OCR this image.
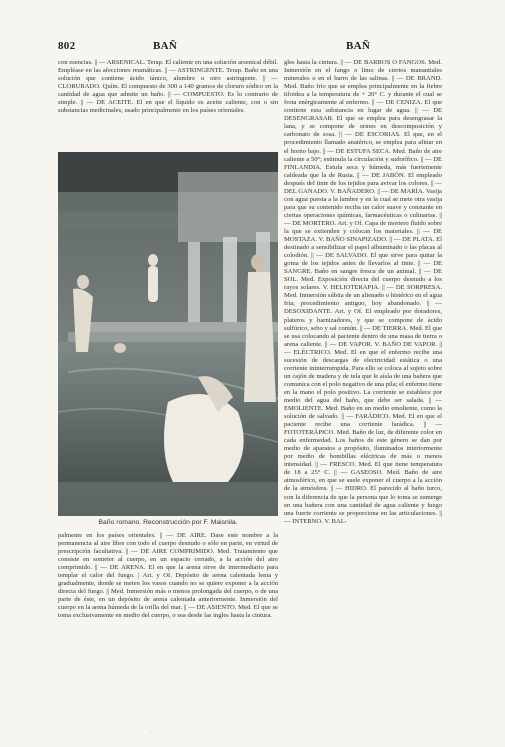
802	BAÑ	BAÑ

con esencias. || — ARSENICAL. Terap. El caliente en una solución arsenical débil. Empléase en las afecciones reumáticas. || — ASTRINGENTE. Terap. Baño en una solución que contiene ácido tánico, alumbre u otro astringente. || — CLORURADO. Quím. El compuesto de 300 a 140 gramos de cloruro sódico en la cantidad de agua que admite un baño. || — COMPUESTO. Es lo contrario de simple. || — DE ACEITE. El en que el líquido es aceite caliente, con o sin substancias medicinales, usado principalmente en los países orientales.

Baño romano. Reconstrucción por F. Maisnila.

palmente en los países orientales. || — DE AIRE. Dase este nombre a la permanencia al aire libre con todo el cuerpo desnudo o sólo en parte, en virtud de prescripción facultativa. || — DE AIRE COMPRIMIDO. Med. Tratamiento que consiste en someter al cuerpo, en un espacio cerrado, a la acción del aire comprimido. || — DE ARENA. El en que la arena sirve de intermediario para templar el calor del fuego. | Art. y Of. Depósito de arena calentada lenta y gradualmente, donde se meten los vasos cuando no se quiere exponer a la acción directa del fuego. || Med. Inmersión más o menos prolongada del cuerpo, o de una parte de éste, en un depósito de arena calentada anteriormente. Inmersión del cuerpo en la arena húmeda de la orilla del mar. || — DE ASIENTO. Med. El que se toma exclusivamente en medio del cuerpo, o sea desde las ingles hasta la cintura.

gles hasta la cintura. || — DE BARROS O FANGOS. Med. Inmersión en el fango o limo de ciertos manantiales minerales o en el barro de las salinas. || — DE BRAND. Med. Baño frío que se emplea principalmente en la fiebre tifoidea a la temperatura de + 20° C. y durante el cual se frota enérgicamente al enfermo. || — DE CENIZA. El que contiene esta substancia en lugar de agua. || — DE DESENGRASAR. El que se emplea para desengrasar la lana, y se compone de orines en descomposición y carbonato de sosa. || — DE ESCORIAS. El que, en el procedimiento llamado anatérico, se emplea para afinar en el horno bajo. || — DE ESTUFA SECA. Med. Baño de aire caliente a 50°; estimula la circulación y sudorífico. || — DE FINLANDIA. Estufa seca y húmeda, más fuertemente caldeada que la de Rusia. || — DE JABÓN. El empleado después del tinte de los tejidos para avivar los colores. || — DEL GANADO. V. BAÑADERO. || — DE MARÍA. Vasija con agua puesta a la lumbre y en la cual se mete otra vasija para que su contenido reciba un calor suave y constante en ciertas operaciones químicas, farmacéuticas o culinarias. || — DE MORTERO. Art. y Of. Capa de mortero fluido sobre la que se extienden y colocan los materiales. || — DE MOSTAZA. V. BAÑO SINAPIZADO. || — DE PLATA. El destinado a sensibilizar el papel albuminado o las placas al colodión. || — DE SALVADO. El que sirve para quitar la goma de los tejidos antes de llevarlos al tinte. || — DE SANGRE. Baño en sangre fresca de un animal. || — DE SOL. Med. Exposición directa del cuerpo desnudo a los rayos solares. V. HELIOTERAPIA. || — DE SORPRESA. Med. Inmersión súbita de un alienado o histérico en el agua fría; procedimiento antiguo, hoy abandonado. || — DESOXIDANTE. Art. y Of. El empleado por doradores, plateros y barnizadores, y que se compone de ácido sulfúrico, sebo y sal común. || — DE TIERRA. Med. El que se usa colocando al paciente dentro de una masa de tierra o arena caliente. || — DE VAPOR. V. BAÑO DE VAPOR. || — ELÉCTRICO. Med. El en que el enfermo recibe una sucesión de descargas de electricidad estática o una corriente ininterrumpida. Para ello se coloca al sujeto sobre un cajón de madera y de tela que le aísla de una bañera que comunica con el polo negativo de una pila; el enfermo tiene en la mano el polo positivo. La corriente se establece por medio del agua del baño, que debe ser salada. || — EMOLIENTE. Med. Baño en un medio emoliente, como la solución de salvado. || — FARÁDICO. Med. El en que el paciente recibe una corriente farádica. || — FOTOTERÁPICO. Med. Baño de luz, de diferente color en cada enfermedad. Los baños de este género se dan por medio de aparatos a propósito, iluminados interiormente por medio de bombillas eléctricas de más o menos intensidad. || — FRESCO. Med. El que tiene temperatura de 18 a 25° C. || — GASEOSO. Med. Baño de aire atmosférico, en que se suele exponer el cuerpo a la acción de la atmósfera. || — HIDRO. El parecido al baño turco, con la diferencia de que la persona que lo toma se sumerge en una bañera con una cantidad de agua caliente y luego una fuerte corriente se proporciona en las articulaciones. || — INTERNO. V. BAL-

·
